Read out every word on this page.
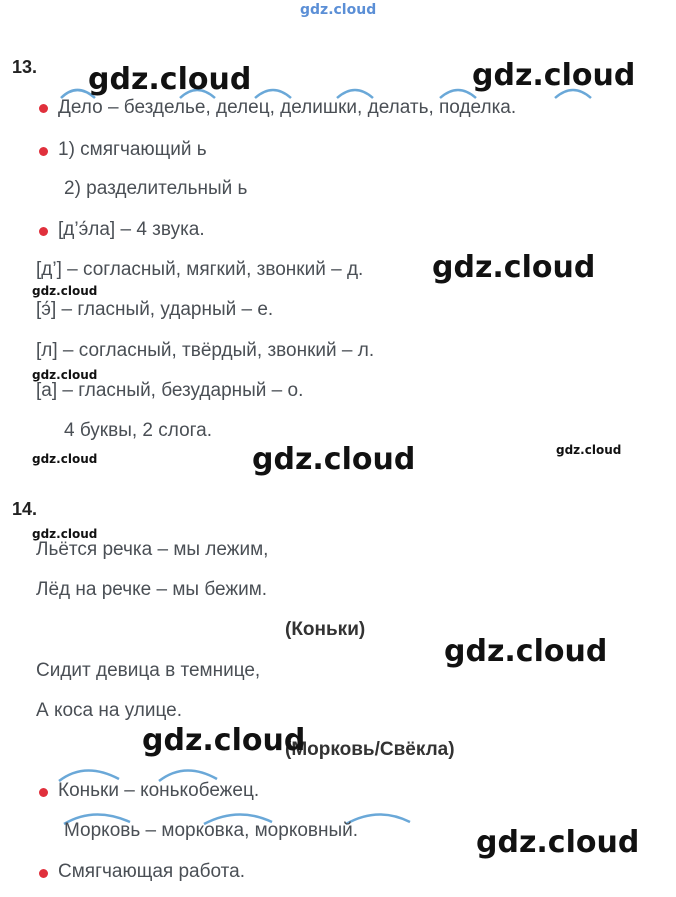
gdz.cloud
13.
Дело – безделье, делец, делишки, делать, поделка.
1) смягчающий ь
2) разделительный ь
[д’э́ла] – 4 звука.
[д’] – согласный, мягкий, звонкий – д.
[э́] – гласный, ударный – е.
[л] – согласный, твёрдый, звонкий – л.
[а] – гласный, безударный – о.
4 буквы, 2 слога.
14.
Льётся речка – мы лежим,
Лёд на речке – мы бежим.
(Коньки)
Сидит девица в темнице,
А коса на улице.
(Морковь/Свёкла)
Коньки – конькобежец.
Морковь – морковка, морковный.
Смягчающая работа.
gdz.cloud	gdz.cloud
gdz.cloud
gdz.cloud
gdz.cloud
gdz.cloud
gdz.cloud
gdz.cloud
gdz.cloud
gdz.cloud
gdz.cloud
gdz.cloud
